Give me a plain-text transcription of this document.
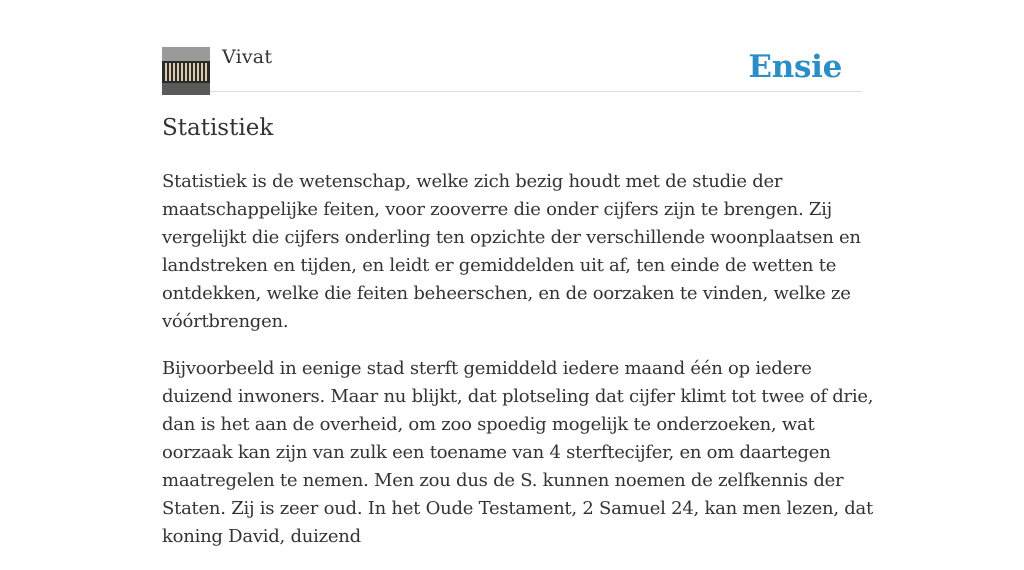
Vivat	Ensie
Statistiek

Statistiek is de wetenschap, welke zich bezig houdt met de studie der maatschappelijke feiten, voor zooverre die onder cijfers zijn te brengen. Zij vergelijkt die cijfers onderling ten opzichte der verschillende woonplaatsen en landstreken en tijden, en leidt er gemiddelden uit af, ten einde de wetten te ontdekken, welke die feiten beheerschen, en de oorzaken te vinden, welke ze vóórtbrengen.

Bijvoorbeeld in eenige stad sterft gemiddeld iedere maand één op iedere duizend inwoners. Maar nu blijkt, dat plotseling dat cijfer klimt tot twee of drie, dan is het aan de overheid, om zoo spoedig mogelijk te onderzoeken, wat oorzaak kan zijn van zulk een toename van 4 sterftecijfer, en om daartegen maatregelen te nemen. Men zou dus de S. kunnen noemen de zelfkennis der Staten. Zij is zeer oud. In het Oude Testament, 2 Samuel 24, kan men lezen, dat koning David, duizend
